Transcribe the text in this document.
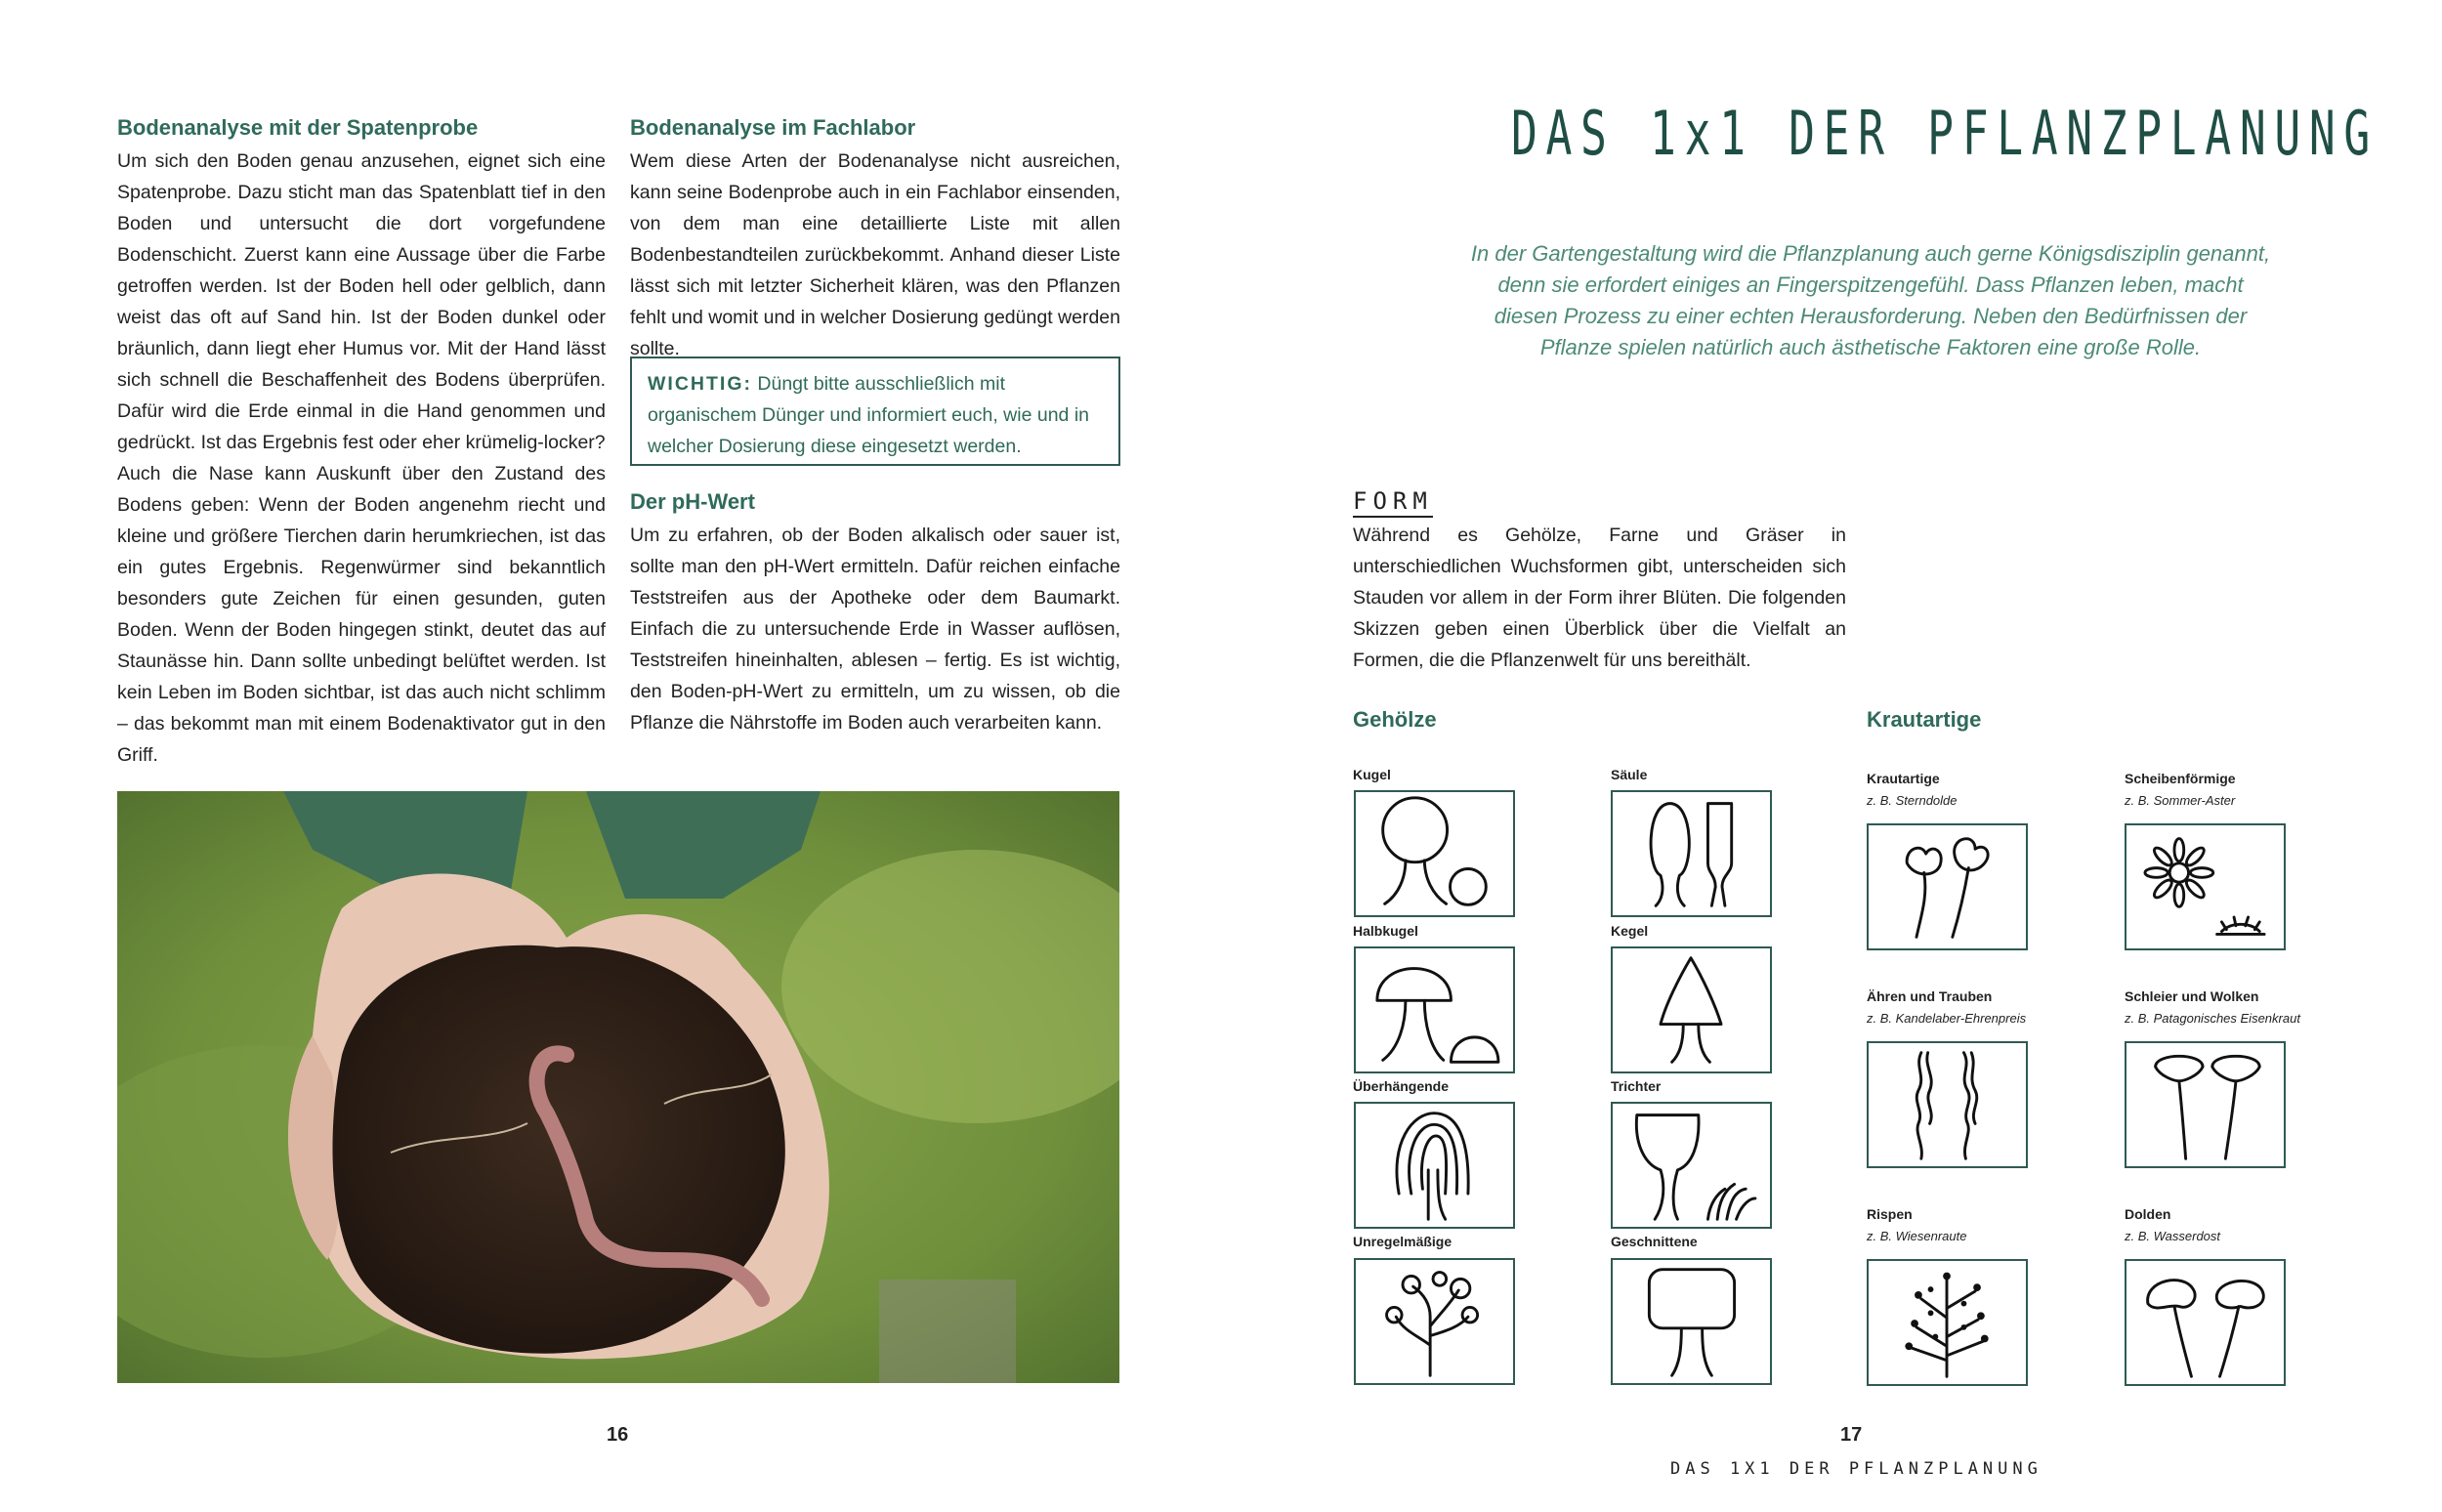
Bodenanalyse mit der Spatenprobe

Um sich den Boden genau anzusehen, eignet sich eine Spatenprobe. Dazu sticht man das Spatenblatt tief in den Boden und untersucht die dort vorgefundene Bodenschicht. Zuerst kann eine Aussage über die Farbe getroffen werden. Ist der Boden hell oder gelblich, dann weist das oft auf Sand hin. Ist der Boden dunkel oder bräunlich, dann liegt eher Humus vor. Mit der Hand lässt sich schnell die Beschaffenheit des Bodens überprüfen. Dafür wird die Erde einmal in die Hand genommen und gedrückt. Ist das Ergebnis fest oder eher krümelig-locker?

Auch die Nase kann Auskunft über den Zustand des Bodens geben: Wenn der Boden angenehm riecht und kleine und größere Tierchen darin herumkriechen, ist das ein gutes Ergebnis. Regenwürmer sind bekanntlich besonders gute Zeichen für einen gesunden, guten Boden. Wenn der Boden hingegen stinkt, deutet das auf Staunässe hin. Dann sollte unbedingt belüftet werden. Ist kein Leben im Boden sichtbar, ist das auch nicht schlimm – das bekommt man mit einem Bodenaktivator gut in den Griff.

Bodenanalyse im Fachlabor

Wem diese Arten der Bodenanalyse nicht ausreichen, kann seine Bodenprobe auch in ein Fachlabor einsenden, von dem man eine detaillierte Liste mit allen Bodenbestandteilen zurückbekommt. Anhand dieser Liste lässt sich mit letzter Sicherheit klären, was den Pflanzen fehlt und womit und in welcher Dosierung gedüngt werden sollte.

WICHTIG: Düngt bitte ausschließlich mit organischem Dünger und informiert euch, wie und in welcher Dosierung diese eingesetzt werden.
Der pH-Wert

Um zu erfahren, ob der Boden alkalisch oder sauer ist, sollte man den pH-Wert ermitteln. Dafür reichen einfache Teststreifen aus der Apotheke oder dem Baumarkt. Einfach die zu untersuchende Erde in Wasser auflösen, Teststreifen hineinhalten, ablesen – fertig. Es ist wichtig, den Boden-pH-Wert zu ermitteln, um zu wissen, ob die Pflanze die Nährstoffe im Boden auch verarbeiten kann.

16
DAS 1x1 DER PFLANZPLANUNG
In der Gartengestaltung wird die Pflanzplanung auch gerne Königsdisziplin genannt, denn sie erfordert einiges an Fingerspitzengefühl. Dass Pflanzen leben, macht diesen Prozess zu einer echten Herausforderung. Neben den Bedürfnissen der Pflanze spielen natürlich auch ästhetische Faktoren eine große Rolle.
FORM
Während es Gehölze, Farne und Gräser in unterschiedlichen Wuchsformen gibt, unterscheiden sich Stauden vor allem in der Form ihrer Blüten. Die folgenden Skizzen geben einen Überblick über die Vielfalt an Formen, die die Pflanzenwelt für uns bereithält.
Gehölze	Krautartige
Kugel	Säule
Halbkugel	Kegel
Überhängende	Trichter
Unregelmäßige	Geschnittene
Krautartige
z. B. Sterndolde
Scheibenförmige
z. B. Sommer-Aster
Ähren und Trauben
z. B. Kandelaber-Ehrenpreis
Schleier und Wolken
z. B. Patagonisches Eisenkraut
Rispen
z. B. Wiesenraute
Dolden
z. B. Wasserdost
17
DAS 1X1 DER PFLANZPLANUNG
